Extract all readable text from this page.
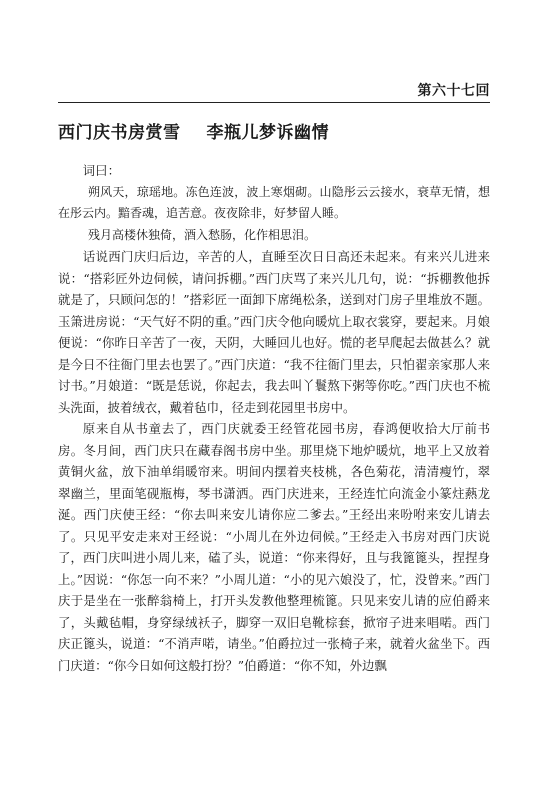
第六十七回
西门庆书房赏雪 李瓶儿梦诉幽情

词曰：

朔风天，琼瑶地。冻色连波，波上寒烟砌。山隐彤云云接水，衰草无情，想在彤云内。黯香魂，追苦意。夜夜除非，好梦留人睡。

残月高楼休独倚，酒入愁肠，化作相思泪。

话说西门庆归后边，辛苦的人，直睡至次日日高还未起来。有来兴儿进来说：“搭彩匠外边伺候，请问拆棚。”西门庆骂了来兴儿几句，说：“拆棚教他拆就是了，只顾问怎的！”搭彩匠一面卸下席绳松条，送到对门房子里堆放不题。玉箫进房说：“天气好不阴的重。”西门庆令他向暖炕上取衣裳穿，要起来。月娘便说：“你昨日辛苦了一夜，天阴，大睡回儿也好。慌的老早爬起去做甚么？就是今日不往衙门里去也罢了。”西门庆道：“我不往衙门里去，只怕翟亲家那人来讨书。”月娘道：“既是恁说，你起去，我去叫丫鬟熬下粥等你吃。”西门庆也不梳头洗面，披着绒衣，戴着毡巾，径走到花园里书房中。

原来自从书童去了，西门庆就委王经管花园书房，春鸿便收拾大厅前书房。冬月间，西门庆只在藏春阁书房中坐。那里烧下地炉暖炕，地平上又放着黄铜火盆，放下油单绢暖帘来。明间内摆着夹枝桃，各色菊花，清清瘦竹，翠翠幽兰，里面笔砚瓶梅，琴书潇洒。西门庆进来，王经连忙向流金小篆炷爇龙涎。西门庆使王经：“你去叫来安儿请你应二爹去。”王经出来吩咐来安儿请去了。只见平安走来对王经说：“小周儿在外边伺候。”王经走入书房对西门庆说了，西门庆叫进小周儿来，磕了头，说道：“你来得好，且与我篦篦头，捏捏身上。”因说：“你怎一向不来？”小周儿道：“小的见六娘没了，忙，没曾来。”西门庆于是坐在一张醉翁椅上，打开头发教他整理梳篦。只见来安儿请的应伯爵来了，头戴毡帽，身穿绿绒袄子，脚穿一双旧皂靴棕套，掀帘子进来唱喏。西门庆正篦头，说道：“不消声喏，请坐。”伯爵拉过一张椅子来，就着火盆坐下。西门庆道：“你今日如何这般打扮？”伯爵道：“你不知，外边飘
